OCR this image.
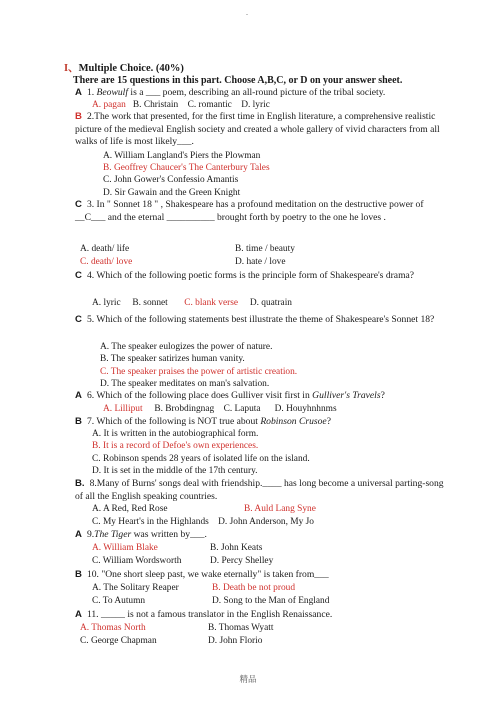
.
I、Multiple Choice. (40%)
There are 15 questions in this part. Choose A,B,C, or D on your answer sheet.
A 1. Beowulf is a ___ poem, describing an all-round picture of the tribal society.
A. pagan B. Christain C. romantic D. lyric
B 2.The work that presented, for the first time in English literature, a comprehensive realistic picture of the medieval English society and created a whole gallery of vivid characters from all walks of life is most likely___.
A. William Langland's Piers the Plowman
B. Geoffrey Chaucer's The Canterbury Tales
C. John Gower's Confessio Amantis
D. Sir Gawain and the Green Knight
C 3. In " Sonnet 18 " , Shakespeare has a profound meditation on the destructive power of __C___ and the eternal __________ brought forth by poetry to the one he loves .
A. death/ life	B. time / beauty
C. death/ love	D. hate / love
C 4. Which of the following poetic forms is the principle form of Shakespeare's drama?
A. lyric B. sonnet C. blank verse D. quatrain
C 5. Which of the following statements best illustrate the theme of Shakespeare's Sonnet 18?
A. The speaker eulogizes the power of nature.
B. The speaker satirizes human vanity.
C. The speaker praises the power of artistic creation.
D. The speaker meditates on man's salvation.
A 6. Which of the following place does Gulliver visit first in Gulliver's Travels?
A. Lilliput B. Brobdingnag C. Laputa D. Houyhnhnms
B 7. Which of the following is NOT true about Robinson Crusoe?
A. It is written in the autobiographical form.
B. It is a record of Defoe's own experiences.
C. Robinson spends 28 years of isolated life on the island.
D. It is set in the middle of the 17th century.
B. 8.Many of Burns' songs deal with friendship.____ has long become a universal parting-song of all the English speaking countries.
A. A Red, Red Rose	B. Auld Lang Syne
C. My Heart's in the Highlands D. John Anderson, My Jo
A 9.The Tiger was written by___.
A. William Blake	B. John Keats
C. William Wordsworth	D. Percy Shelley
B 10. "One short sleep past, we wake eternally" is taken from___
A. The Solitary Reaper	B. Death be not proud
C. To Autumn	D. Song to the Man of England
A 11. _____ is not a famous translator in the English Renaissance.
A. Thomas North	B. Thomas Wyatt
C. George Chapman	D. John Florio
精品
